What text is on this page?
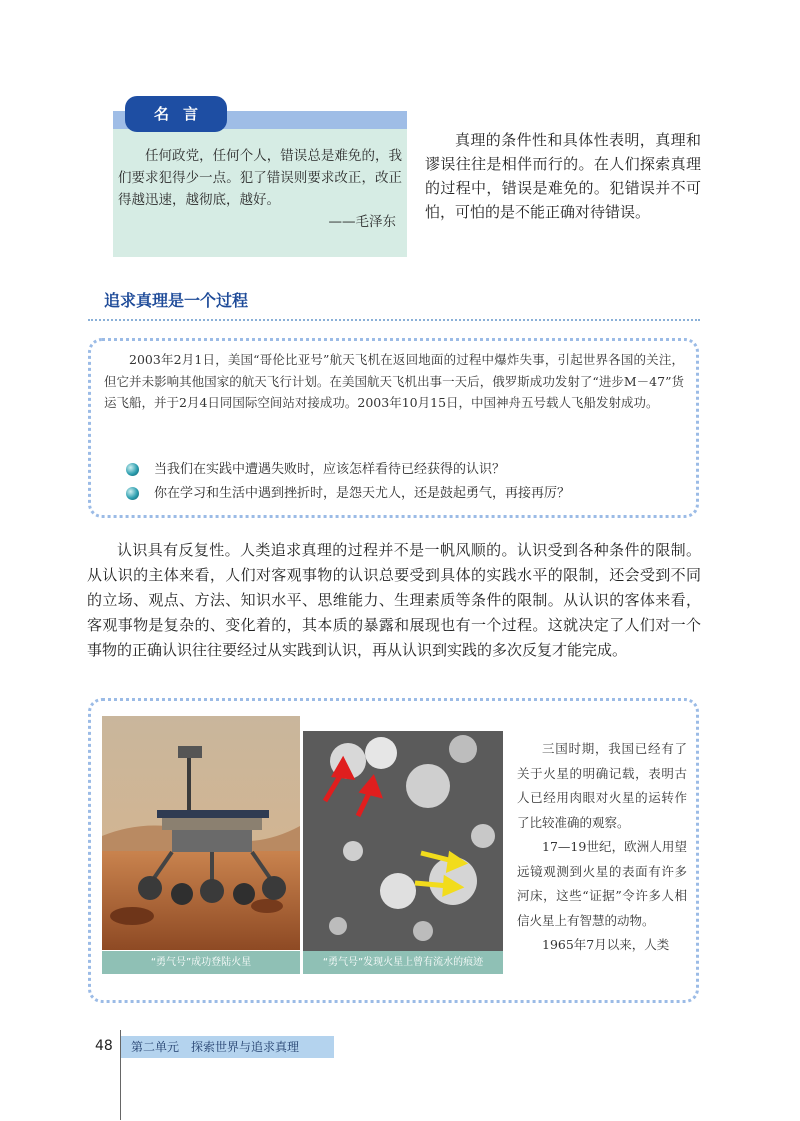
名言
任何政党，任何个人，错误总是难免的，我们要求犯得少一点。犯了错误则要求改正，改正得越迅速，越彻底，越好。
——毛泽东
真理的条件性和具体性表明，真理和谬误往往是相伴而行的。在人们探索真理的过程中，错误是难免的。犯错误并不可怕，可怕的是不能正确对待错误。
追求真理是一个过程
2003年2月1日，美国“哥伦比亚号”航天飞机在返回地面的过程中爆炸失事，引起世界各国的关注，但它并未影响其他国家的航天飞行计划。在美国航天飞机出事一天后，俄罗斯成功发射了“进步M－47”货运飞船，并于2月4日同国际空间站对接成功。2003年10月15日，中国神舟五号载人飞船发射成功。
当我们在实践中遭遇失败时，应该怎样看待已经获得的认识？
你在学习和生活中遇到挫折时，是怨天尤人，还是鼓起勇气，再接再厉？
认识具有反复性。人类追求真理的过程并不是一帆风顺的。认识受到各种条件的限制。从认识的主体来看，人们对客观事物的认识总要受到具体的实践水平的限制，还会受到不同的立场、观点、方法、知识水平、思维能力、生理素质等条件的限制。从认识的客体来看，客观事物是复杂的、变化着的，其本质的暴露和展现也有一个过程。这就决定了人们对一个事物的正确认识往往要经过从实践到认识，再从认识到实践的多次反复才能完成。
“勇气号”成功登陆火星	“勇气号”发现火星上曾有流水的痕迹

三国时期，我国已经有了关于火星的明确记载，表明古人已经用肉眼对火星的运转作了比较准确的观察。

17—19世纪，欧洲人用望远镜观测到火星的表面有许多河床，这些“证据”令许多人相信火星上有智慧的动物。

1965年7月以来，人类

48	第二单元　探索世界与追求真理
